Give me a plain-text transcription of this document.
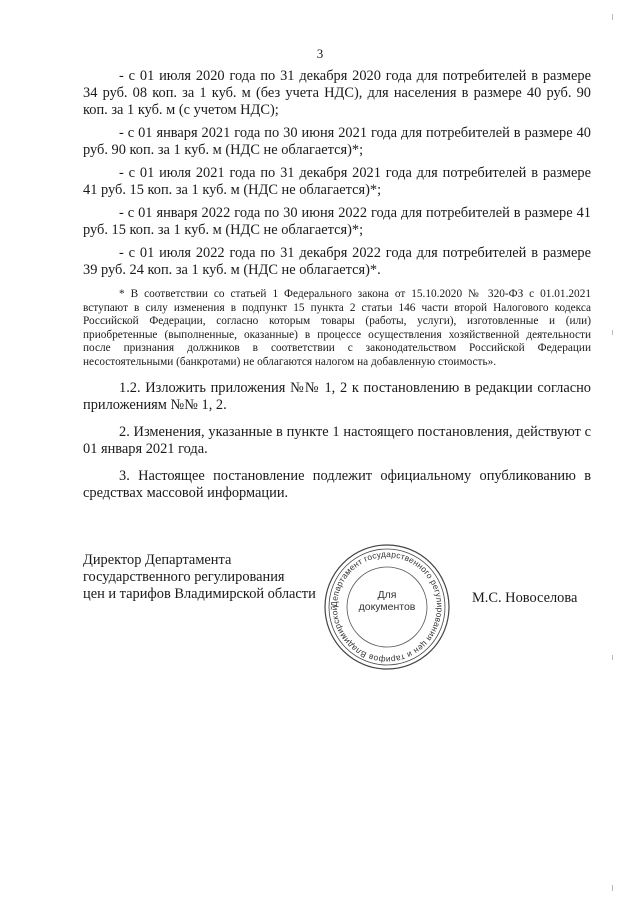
3

- с 01 июля 2020 года по 31 декабря 2020 года для потребителей в размере 34 руб. 08 коп. за 1 куб. м (без учета НДС), для населения в размере 40 руб. 90 коп. за 1 куб. м (с учетом НДС);

- с 01 января 2021 года по 30 июня 2021 года для потребителей в размере 40 руб. 90 коп. за 1 куб. м (НДС не облагается)*;

- с 01 июля 2021 года по 31 декабря 2021 года для потребителей в размере 41 руб. 15 коп. за 1 куб. м (НДС не облагается)*;

- с 01 января 2022 года по 30 июня 2022 года для потребителей в размере 41 руб. 15 коп. за 1 куб. м (НДС не облагается)*;

- с 01 июля 2022 года по 31 декабря 2022 года для потребителей в размере 39 руб. 24 коп. за 1 куб. м (НДС не облагается)*.

* В соответствии со статьей 1 Федерального закона от 15.10.2020 № 320-ФЗ с 01.01.2021 вступают в силу изменения в подпункт 15 пункта 2 статьи 146 части второй Налогового кодекса Российской Федерации, согласно которым товары (работы, услуги), изготовленные и (или) приобретенные (выполненные, оказанные) в процессе осуществления хозяйственной деятельности после признания должников в соответствии с законодательством Российской Федерации несостоятельными (банкротами) не облагаются налогом на добавленную стоимость».

1.2. Изложить приложения №№ 1, 2 к постановлению в редакции согласно приложениям №№ 1, 2.

2. Изменения, указанные в пункте 1 настоящего постановления, действуют с 01 января 2021 года.

3. Настоящее постановление подлежит официальному опубликованию в средствах массовой информации.

Директор Департамента
государственного регулирования
цен и тарифов Владимирской области
Департамент государственного регулирования цен и тарифов Владимирской
Для
документов
М.С. Новоселова
